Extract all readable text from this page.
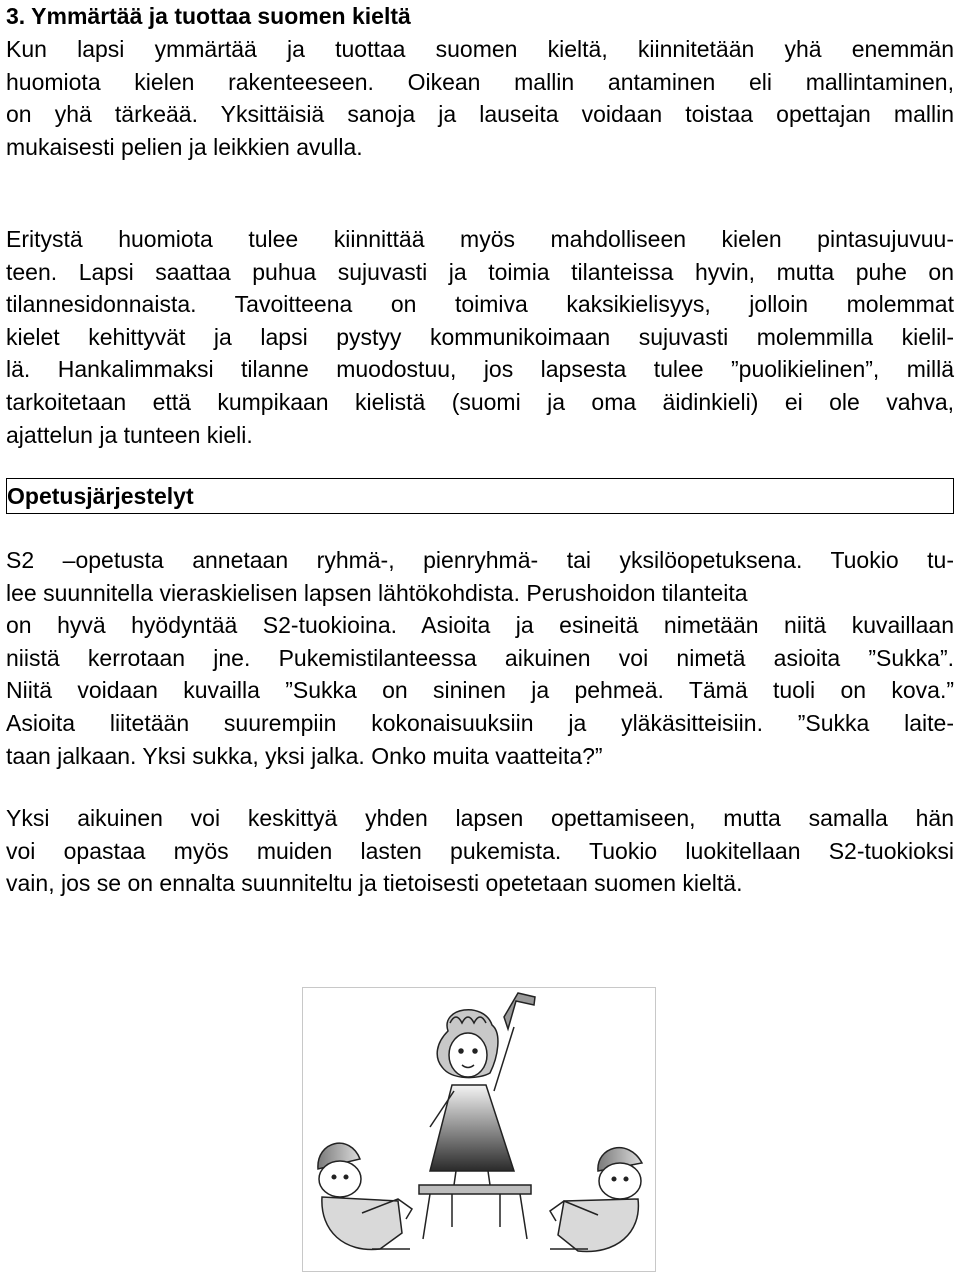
3. Ymmärtää ja tuottaa suomen kieltä
Kun lapsi ymmärtää ja tuottaa suomen kieltä, kiinnitetään yhä enemmän
huomiota kielen rakenteeseen. Oikean mallin antaminen eli mallintaminen,
on yhä tärkeää. Yksittäisiä sanoja ja lauseita voidaan toistaa opettajan mallin
mukaisesti pelien ja leikkien avulla.
Eritystä huomiota tulee kiinnittää myös mahdolliseen kielen pintasujuvuu-
teen. Lapsi saattaa puhua sujuvasti ja toimia tilanteissa hyvin, mutta puhe on
tilannesidonnaista. Tavoitteena on toimiva kaksikielisyys, jolloin molemmat
kielet kehittyvät ja lapsi pystyy kommunikoimaan sujuvasti molemmilla kielil-
lä. Hankalimmaksi tilanne muodostuu, jos lapsesta tulee ”puolikielinen”, millä
tarkoitetaan että kumpikaan kielistä (suomi ja oma äidinkieli) ei ole vahva,
ajattelun ja tunteen kieli.
Opetusjärjestelyt
S2 –opetusta annetaan ryhmä-, pienryhmä- tai yksilöopetuksena. Tuokio tu-
lee suunnitella vieraskielisen lapsen lähtökohdista. Perushoidon tilanteita
on hyvä hyödyntää S2-tuokioina. Asioita ja esineitä nimetään niitä kuvaillaan
niistä kerrotaan jne. Pukemistilanteessa aikuinen voi nimetä asioita ”Sukka”.
Niitä voidaan kuvailla ”Sukka on sininen ja pehmeä. Tämä tuoli on kova.”
Asioita liitetään suurempiin kokonaisuuksiin ja yläkäsitteisiin. ”Sukka laite-
taan jalkaan. Yksi sukka, yksi jalka. Onko muita vaatteita?”
Yksi aikuinen voi keskittyä yhden lapsen opettamiseen, mutta samalla hän
voi opastaa myös muiden lasten pukemista. Tuokio luokitellaan S2-tuokioksi
vain, jos se on ennalta suunniteltu ja tietoisesti opetetaan suomen kieltä.
